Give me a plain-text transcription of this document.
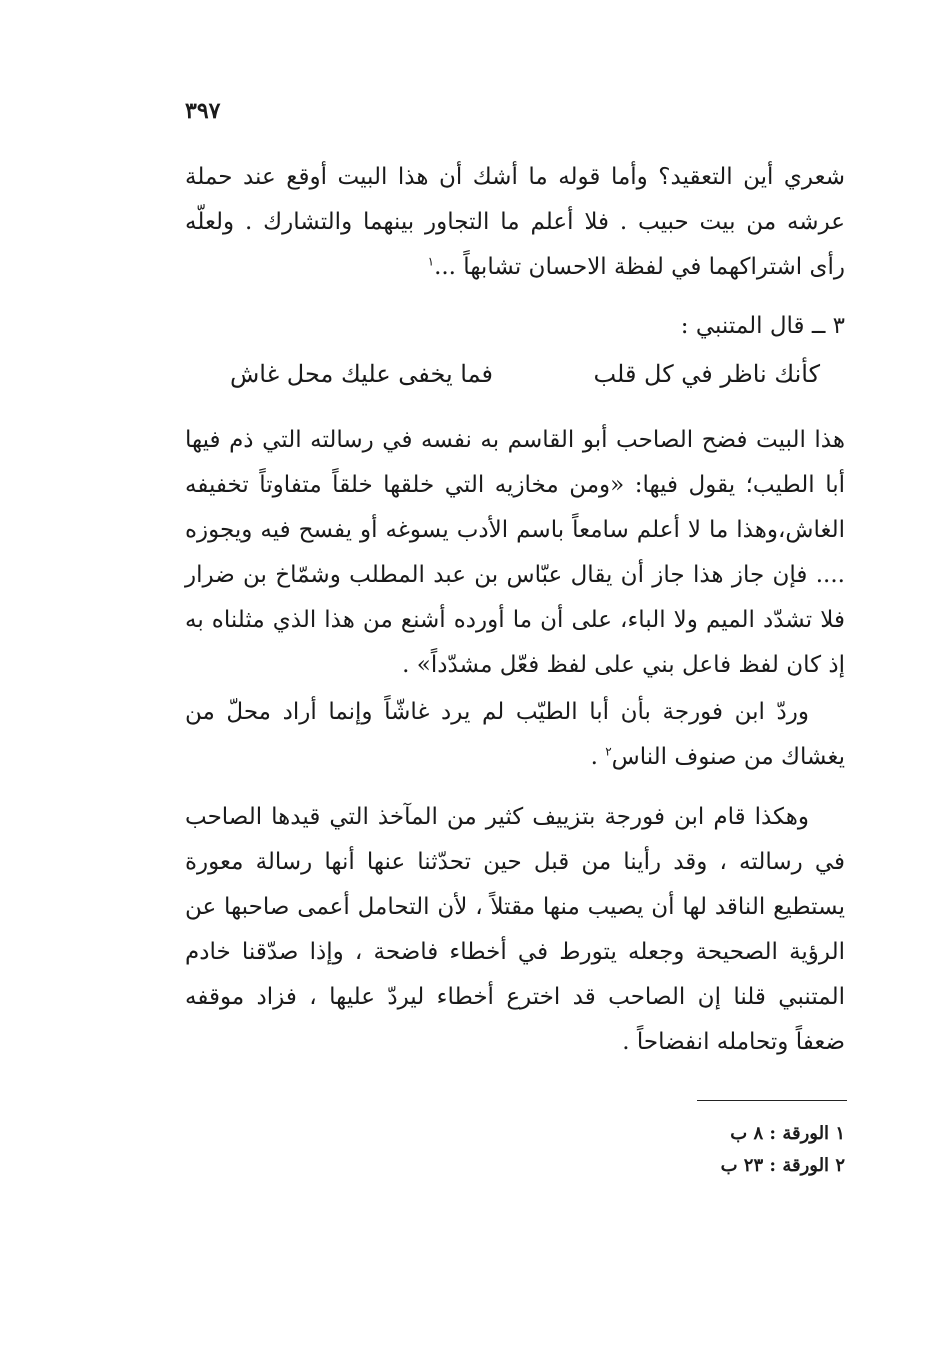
٣٩٧

شعري أين التعقيد؟ وأما قوله ما أشك أن هذا البيت أوقع عند حملة عرشه من بيت حبيب . فلا أعلم ما التجاور بينهما والتشارك . ولعلّه رأى اشتراكهما في لفظة الاحسان تشابهاً ...$^١$

٣ ــ قال المتنبي :
كأنك ناظر في كل قلب
فما يخفى عليك محل غاش

هذا البيت فضح الصاحب أبو القاسم به نفسه في رسالته التي ذم فيها أبا الطيب؛ يقول فيها: «ومن مخازيه التي خلقها خلقاً متفاوتاً تخفيفه الغاش،وهذا ما لا أعلم سامعاً باسم الأدب يسوغه أو يفسح فيه ويجوزه .... فإن جاز هذا جاز أن يقال عبّاس بن عبد المطلب وشمّاخ بن ضرار فلا تشدّد الميم ولا الباء، على أن ما أورده أشنع من هذا الذي مثلناه به إذ كان لفظ فاعل بني على لفظ فعّل مشدّداً» .

وردّ ابن فورجة بأن أبا الطيّب لم يرد غاشّاً وإنما أراد محلّ من يغشاك من صنوف الناس$^٢$ .

وهكذا قام ابن فورجة بتزييف كثير من المآخذ التي قيدها الصاحب في رسالته ، وقد رأينا من قبل حين تحدّثنا عنها أنها رسالة معورة يستطيع الناقد لها أن يصيب منها مقتلاً ، لأن التحامل أعمى صاحبها عن الرؤية الصحيحة وجعله يتورط في أخطاء فاضحة ، وإذا صدّقنا خادم المتنبي قلنا إن الصاحب قد اخترع أخطاء ليردّ عليها ، فزاد موقفه ضعفاً وتحامله انفضاحاً .

١ الورقة : ٨ ب
٢ الورقة : ٢٣ ب
